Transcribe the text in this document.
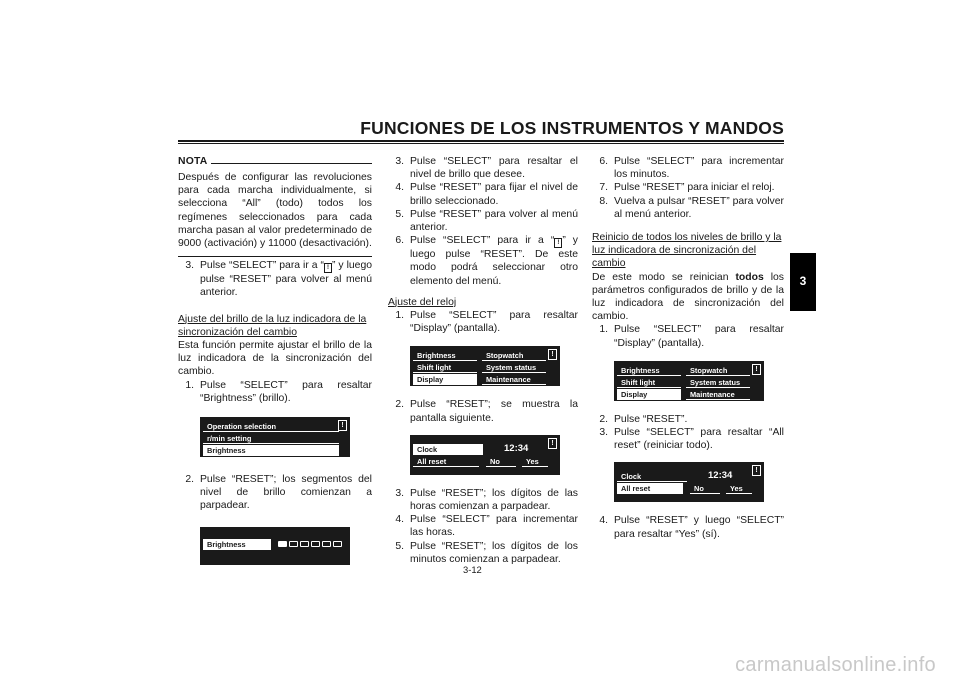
FUNCIONES DE LOS INSTRUMENTOS Y MANDOS
3
NOTA
Después de configurar las revoluciones para cada marcha individualmente, si selecciona “All” (todo) todos los regímenes seleccionados para cada marcha pasan al valor predeterminado de 9000 (activación) y 11000 (desactivación).
3. Pulse “SELECT” para ir a “ ! ” y luego pulse “RESET” para volver al menú anterior.
Ajuste del brillo de la luz indicadora de la sincronización del cambio
Esta función permite ajustar el brillo de la luz indicadora de la sincronización del cambio.
1. Pulse “SELECT” para resaltar “Brightness” (brillo).
Operation selection
r/min setting
Brightness
!
2. Pulse “RESET”; los segmentos del nivel de brillo comienzan a parpadear.
Brightness
3. Pulse “SELECT” para resaltar el nivel de brillo que desee.
4. Pulse “RESET” para fijar el nivel de brillo seleccionado.
5. Pulse “RESET” para volver al menú anterior.
6. Pulse “SELECT” para ir a “ ! ” y luego pulse “RESET”. De este modo podrá seleccionar otro elemento del menú.
Ajuste del reloj
1. Pulse “SELECT” para resaltar “Display” (pantalla).
Brightness	Stopwatch
Shift light	System status
Display	Maintenance
!
2. Pulse “RESET”; se muestra la pantalla siguiente.
Clock	12:34
All reset	No	Yes
!
3. Pulse “RESET”; los dígitos de las horas comienzan a parpadear.
4. Pulse “SELECT” para incrementar las horas.
5. Pulse “RESET”; los dígitos de los minutos comienzan a parpadear.
6. Pulse “SELECT” para incrementar los minutos.
7. Pulse “RESET” para iniciar el reloj.
8. Vuelva a pulsar “RESET” para volver al menú anterior.
Reinicio de todos los niveles de brillo y la luz indicadora de sincronización del cambio
De este modo se reinician todos los parámetros configurados de brillo y de la luz indicadora de sincronización del cambio.
1. Pulse “SELECT” para resaltar “Display” (pantalla).
Brightness	Stopwatch
Shift light	System status
Display	Maintenance
!
2. Pulse “RESET”.
3. Pulse “SELECT” para resaltar “All reset” (reiniciar todo).
Clock	12:34
All reset	No	Yes
!
4. Pulse “RESET” y luego “SELECT” para resaltar “Yes” (sí).
3-12
carmanualsonline.info
